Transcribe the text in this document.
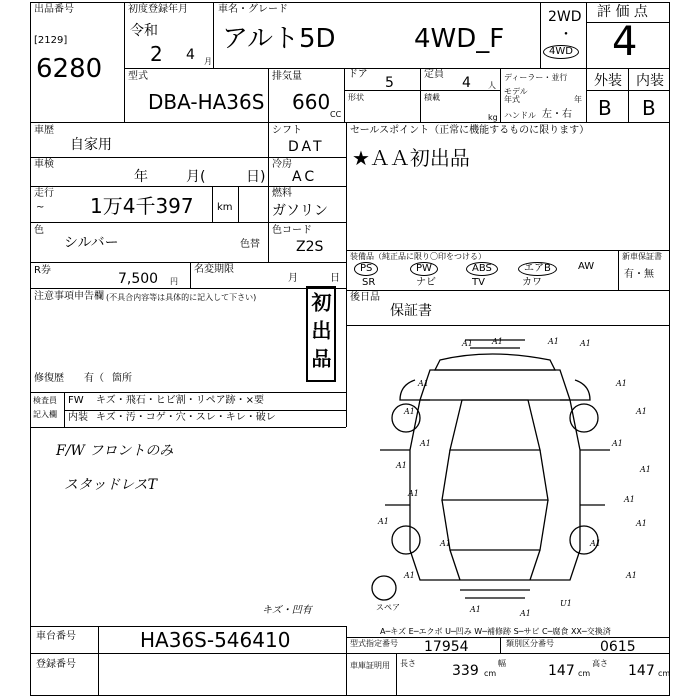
出品番号
[2129]
6280
初度登録年月
令和
2 4 月
車名・グレード
アルト5D	4WD_F
2WD
・
4WD
評 価 点
4
外装 内装
B B
型式
DBA-HA36S
排気量
660
CC
ドア
5
定員
4 人
形状	積載
kg
ディーラー・並行
モデル年式	年
ハンドル 左・右
車歴
自家用
車検
年	月(	日)
走行
~ 1万4千397 km
シフト
DAT
冷房
AC
燃料
ガソリン
色
シルバー	色替
色コード
Z2S
R券
7,500 円
名変期限
月	日
注意事項申告欄 (不具合内容等は具体的に記入して下さい)	初出品
修復歴 有（ 箇所
検査員
記入欄
FW キズ・飛石・ヒビ割・リペア跡・×要
内装 キズ・汚・コゲ・穴・スレ・キレ・破レ
F/W フロントのみ
スタッドレスT
セールスポイント（正常に機能するものに限ります）
★ＡＡ初出品
装備品（純正品に限り〇印をつける）	新車保証書
有・無
PS	PW	ABS	エアB	AW
SR	ナビ	TV	カワ
後日品
保証書
スペア
キズ・凹有
A1	A1
A1	A1
A1	A1
A1	A1
A1	A1
A1	A1
A1	A1
A1	A1
A1	A1
A1
A1
A1	A1
U1
A─キズ E─エクボ U─凹み W─補修跡 S─サビ C─腐食 XX─交換済
車台番号	HA36S-546410
登録番号
型式指定番号 17954	類別区分番号	0615
車庫証明用 長さ	339 cm
幅	147 cm
高さ 147 cm
